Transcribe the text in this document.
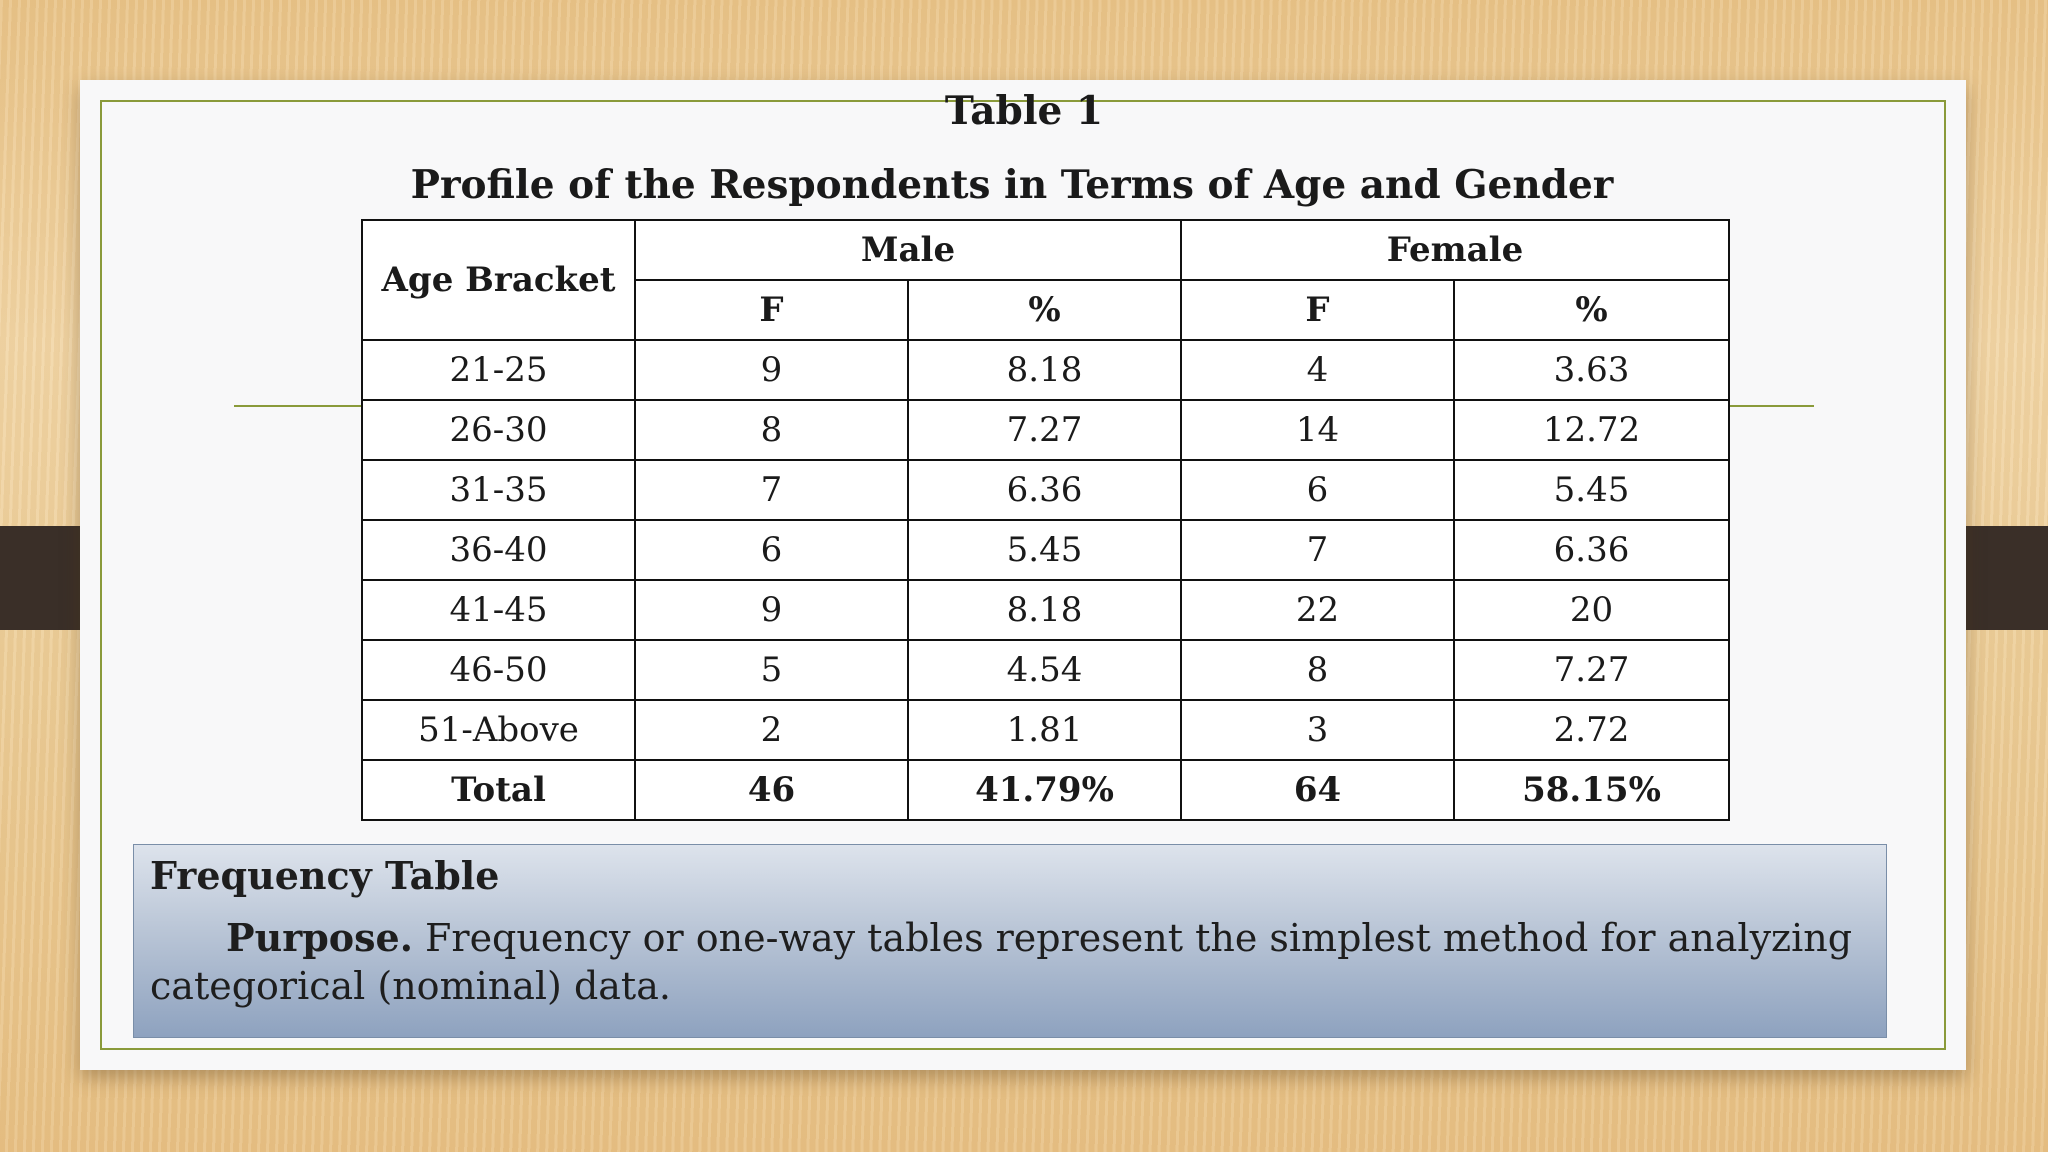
Table 1
Profile of the Respondents in Terms of Age and Gender
Age Bracket	Male		Female	
	F	%	F	%
21-25	9	8.18	4	3.63
26-30	8	7.27	14	12.72
31-35	7	6.36	6	5.45
36-40	6	5.45	7	6.36
41-45	9	8.18	22	20
46-50	5	4.54	8	7.27
51-Above	2	1.81	3	2.72
Total	46	41.79%	64	58.15%
Frequency Table
Purpose. Frequency or one-way tables represent the simplest method for analyzing categorical (nominal) data.
